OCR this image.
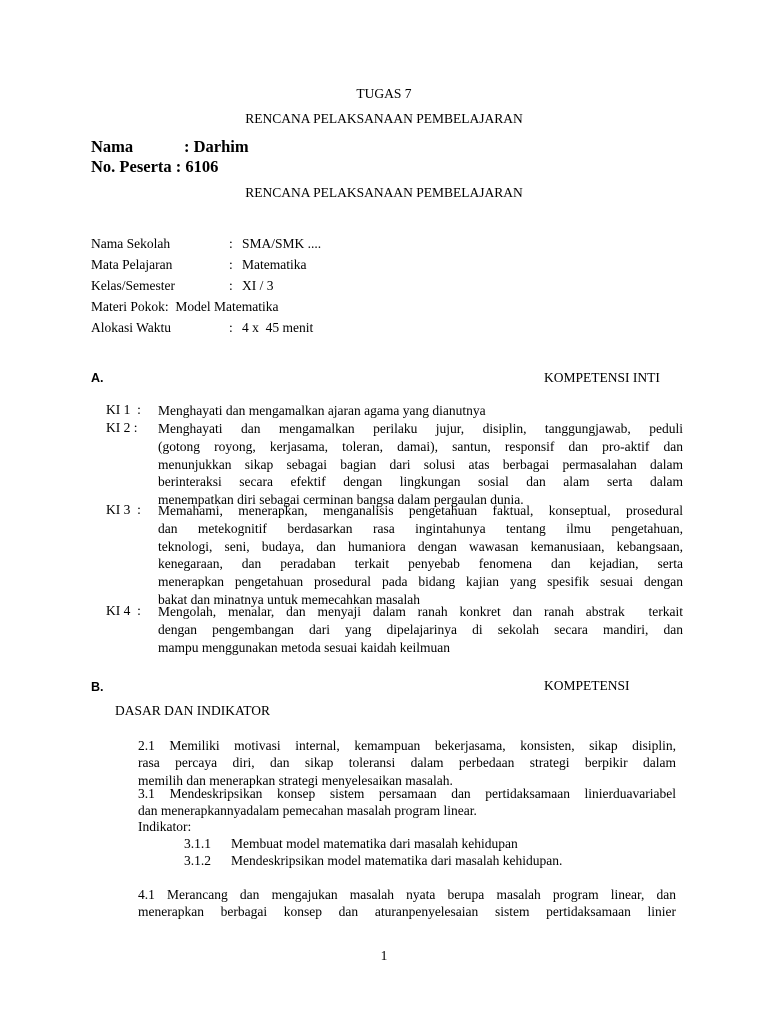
TUGAS 7
RENCANA PELAKSANAAN PEMBELAJARAN
Nama	: Darhim
No. Peserta : 6106
RENCANA PELAKSANAAN PEMBELAJARAN
Nama Sekolah	: SMA/SMK ....
Mata Pelajaran	: Matematika
Kelas/Semester	: XI / 3
Materi Pokok:  Model Matematika
Alokasi Waktu	: 4 x  45 menit
A.	KOMPETENSI INTI
KI 1  : Menghayati dan mengamalkan ajaran agama yang dianutnya
KI 2 : Menghayati dan mengamalkan perilaku jujur, disiplin, tanggungjawab, peduli
(gotong royong, kerjasama, toleran, damai), santun, responsif dan pro-aktif dan
menunjukkan sikap sebagai bagian dari solusi atas berbagai permasalahan dalam
berinteraksi secara efektif dengan lingkungan sosial dan alam serta dalam
menempatkan diri sebagai cerminan bangsa dalam pergaulan dunia.
KI 3  : Memahami, menerapkan, menganalisis pengetahuan faktual, konseptual, prosedural
dan metekognitif berdasarkan rasa ingintahunya tentang ilmu pengetahuan,
teknologi, seni, budaya, dan humaniora dengan wawasan kemanusiaan, kebangsaan,
kenegaraan, dan peradaban terkait penyebab fenomena dan kejadian, serta
menerapkan pengetahuan prosedural pada bidang kajian yang spesifik sesuai dengan
bakat dan minatnya untuk memecahkan masalah
KI 4  : Mengolah, menalar, dan menyaji dalam ranah konkret dan ranah abstrak  terkait
dengan pengembangan dari yang dipelajarinya di sekolah secara mandiri, dan
mampu menggunakan metoda sesuai kaidah keilmuan
B.	KOMPETENSI
DASAR DAN INDIKATOR
2.1 Memiliki motivasi internal, kemampuan bekerjasama, konsisten, sikap disiplin,
rasa percaya diri, dan sikap toleransi dalam perbedaan strategi berpikir dalam
memilih dan menerapkan strategi menyelesaikan masalah.
3.1 Mendeskripsikan konsep sistem persamaan dan pertidaksamaan linierduavariabel
dan menerapkannyadalam pemecahan masalah program linear.
Indikator:
3.1.1 Membuat model matematika dari masalah kehidupan
3.1.2 Mendeskripsikan model matematika dari masalah kehidupan.
4.1 Merancang dan mengajukan masalah nyata berupa masalah program linear, dan
menerapkan berbagai konsep dan aturanpenyelesaian sistem pertidaksamaan linier
1
